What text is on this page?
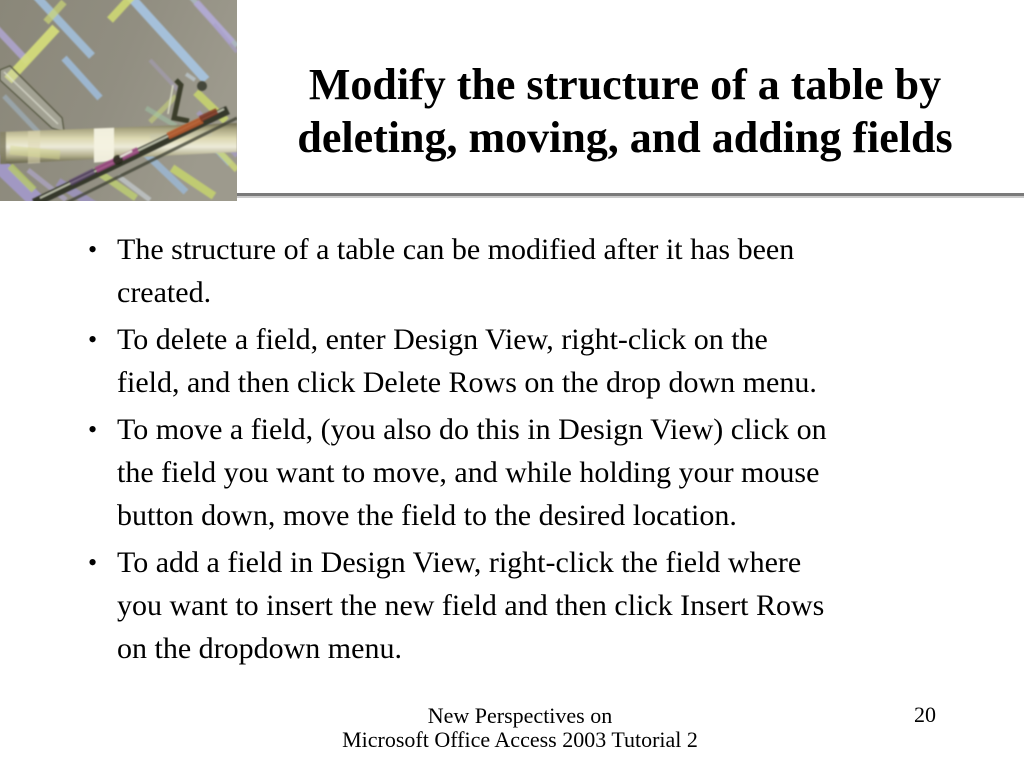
Modify the structure of a table by
deleting, moving, and adding fields
• The structure of a table can be modified after it has been
created.
• To delete a field, enter Design View, right-click on the
field, and then click Delete Rows on the drop down menu.
• To move a field, (you also do this in Design View) click on
the field you want to move, and while holding your mouse
button down, move the field to the desired location.
• To add a field in Design View, right-click the field where
you want to insert the new field and then click Insert Rows
on the dropdown menu.
New Perspectives on
Microsoft Office Access 2003 Tutorial 2
20
